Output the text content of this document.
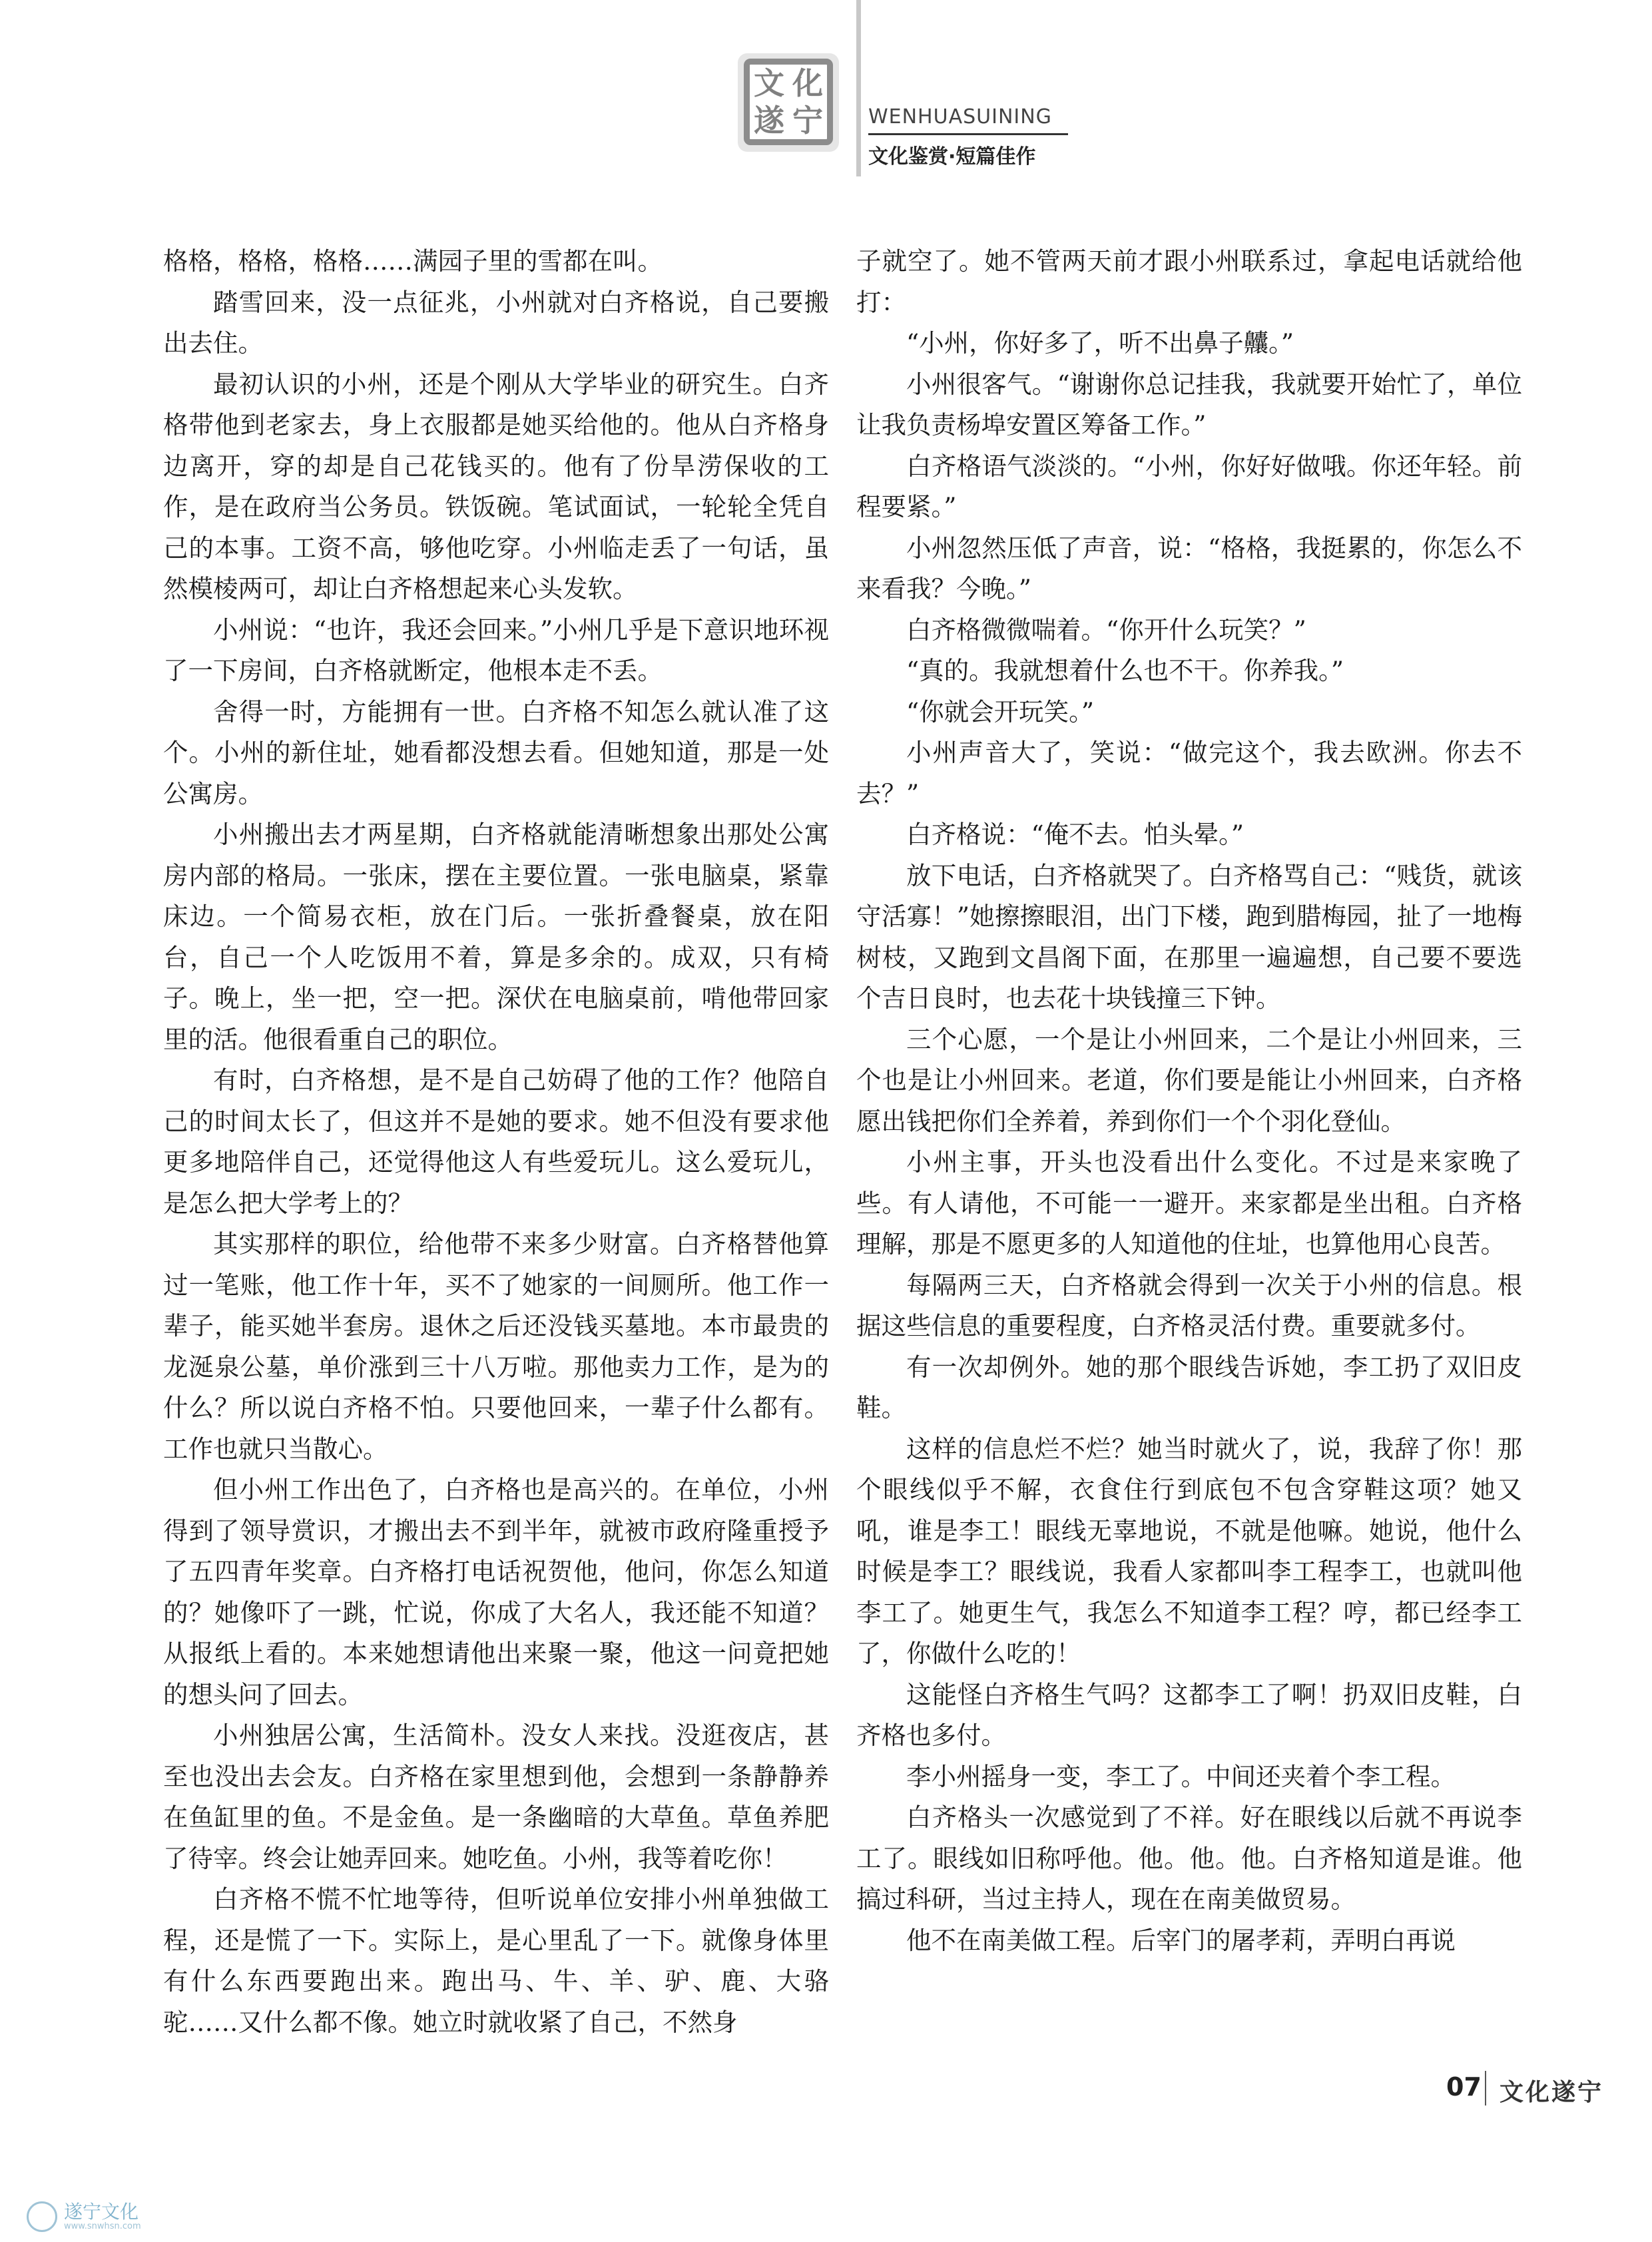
文 化
遂 宁 WENHUASUINING
文化鉴赏·短篇佳作

格格，格格，格格……满园子里的雪都在叫。

踏雪回来，没一点征兆，小州就对白齐格说，自己要搬出去住。

最初认识的小州，还是个刚从大学毕业的研究生。白齐格带他到老家去，身上衣服都是她买给他的。他从白齐格身边离开，穿的却是自己花钱买的。他有了份旱涝保收的工作，是在政府当公务员。铁饭碗。笔试面试，一轮轮全凭自己的本事。工资不高，够他吃穿。小州临走丢了一句话，虽然模棱两可，却让白齐格想起来心头发软。

小州说：“也许，我还会回来。”小州几乎是下意识地环视了一下房间，白齐格就断定，他根本走不丢。

舍得一时，方能拥有一世。白齐格不知怎么就认准了这个。小州的新住址，她看都没想去看。但她知道，那是一处公寓房。

小州搬出去才两星期，白齐格就能清晰想象出那处公寓房内部的格局。一张床，摆在主要位置。一张电脑桌，紧靠床边。一个简易衣柜，放在门后。一张折叠餐桌，放在阳台，自己一个人吃饭用不着，算是多余的。成双，只有椅子。晚上，坐一把，空一把。深伏在电脑桌前，啃他带回家里的活。他很看重自己的职位。

有时，白齐格想，是不是自己妨碍了他的工作？他陪自己的时间太长了，但这并不是她的要求。她不但没有要求他更多地陪伴自己，还觉得他这人有些爱玩儿。这么爱玩儿，是怎么把大学考上的？

其实那样的职位，给他带不来多少财富。白齐格替他算过一笔账，他工作十年，买不了她家的一间厕所。他工作一辈子，能买她半套房。退休之后还没钱买墓地。本市最贵的龙涎泉公墓，单价涨到三十八万啦。那他卖力工作，是为的什么？所以说白齐格不怕。只要他回来，一辈子什么都有。工作也就只当散心。

但小州工作出色了，白齐格也是高兴的。在单位，小州得到了领导赏识，才搬出去不到半年，就被市政府隆重授予了五四青年奖章。白齐格打电话祝贺他，他问，你怎么知道的？她像吓了一跳，忙说，你成了大名人，我还能不知道？从报纸上看的。本来她想请他出来聚一聚，他这一问竟把她的想头问了回去。

小州独居公寓，生活简朴。没女人来找。没逛夜店，甚至也没出去会友。白齐格在家里想到他，会想到一条静静养在鱼缸里的鱼。不是金鱼。是一条幽暗的大草鱼。草鱼养肥了待宰。终会让她弄回来。她吃鱼。小州，我等着吃你！

白齐格不慌不忙地等待，但听说单位安排小州单独做工程，还是慌了一下。实际上，是心里乱了一下。就像身体里有什么东西要跑出来。跑出马、牛、羊、驴、鹿、大骆驼……又什么都不像。她立时就收紧了自己，不然身

子就空了。她不管两天前才跟小州联系过，拿起电话就给他打：

“小州，你好多了，听不出鼻子齉。”

小州很客气。“谢谢你总记挂我，我就要开始忙了，单位让我负责杨埠安置区筹备工作。”

白齐格语气淡淡的。“小州，你好好做哦。你还年轻。前程要紧。”

小州忽然压低了声音，说：“格格，我挺累的，你怎么不来看我？今晚。”

白齐格微微喘着。“你开什么玩笑？”

“真的。我就想着什么也不干。你养我。”

“你就会开玩笑。”

小州声音大了，笑说：“做完这个，我去欧洲。你去不去？”

白齐格说：“俺不去。怕头晕。”

放下电话，白齐格就哭了。白齐格骂自己：“贱货，就该守活寡！”她擦擦眼泪，出门下楼，跑到腊梅园，扯了一地梅树枝，又跑到文昌阁下面，在那里一遍遍想，自己要不要选个吉日良时，也去花十块钱撞三下钟。

三个心愿，一个是让小州回来，二个是让小州回来，三个也是让小州回来。老道，你们要是能让小州回来，白齐格愿出钱把你们全养着，养到你们一个个羽化登仙。

小州主事，开头也没看出什么变化。不过是来家晚了些。有人请他，不可能一一避开。来家都是坐出租。白齐格理解，那是不愿更多的人知道他的住址，也算他用心良苦。

每隔两三天，白齐格就会得到一次关于小州的信息。根据这些信息的重要程度，白齐格灵活付费。重要就多付。

有一次却例外。她的那个眼线告诉她，李工扔了双旧皮鞋。

这样的信息烂不烂？她当时就火了，说，我辞了你！那个眼线似乎不解，衣食住行到底包不包含穿鞋这项？她又吼，谁是李工！眼线无辜地说，不就是他嘛。她说，他什么时候是李工？眼线说，我看人家都叫李工程李工，也就叫他李工了。她更生气，我怎么不知道李工程？哼，都已经李工了，你做什么吃的！

这能怪白齐格生气吗？这都李工了啊！扔双旧皮鞋，白齐格也多付。

李小州摇身一变，李工了。中间还夹着个李工程。

白齐格头一次感觉到了不祥。好在眼线以后就不再说李工了。眼线如旧称呼他。他。他。他。白齐格知道是谁。他搞过科研，当过主持人，现在在南美做贸易。

他不在南美做工程。后宰门的屠孝莉，弄明白再说

07 文化遂宁
遂宁文化
www.snwhsn.com
